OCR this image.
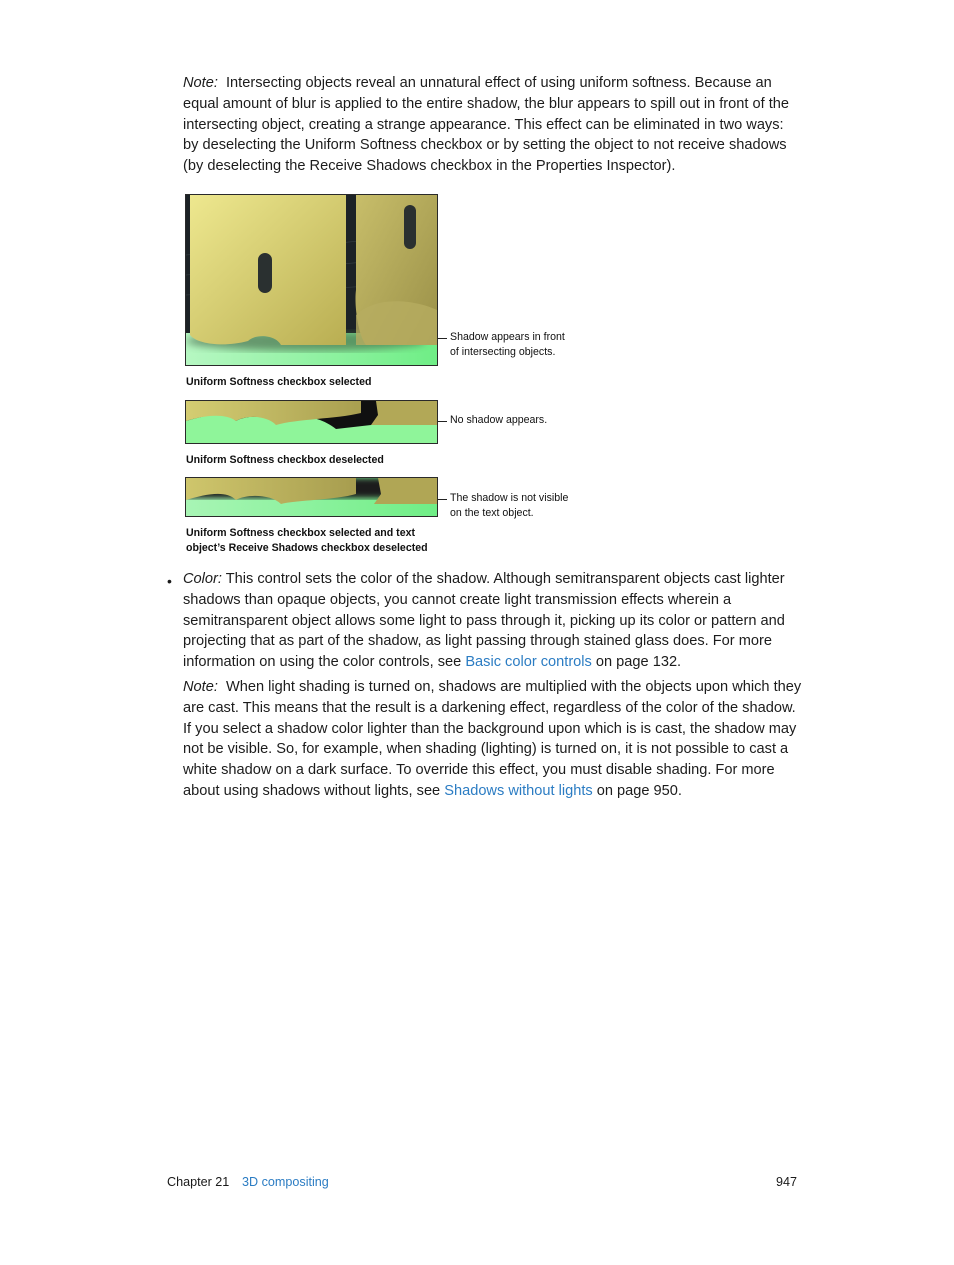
Note: Intersecting objects reveal an unnatural effect of using uniform softness. Because an equal amount of blur is applied to the entire shadow, the blur appears to spill out in front of the intersecting object, creating a strange appearance. This effect can be eliminated in two ways: by deselecting the Uniform Softness checkbox or by setting the object to not receive shadows (by deselecting the Receive Shadows checkbox in the Properties Inspector).

Shadow appears in front
of intersecting objects.

Uniform Softness checkbox selected

No shadow appears.

Uniform Softness checkbox deselected

The shadow is not visible
on the text object.

Uniform Softness checkbox selected and text
object’s Receive Shadows checkbox deselected

• Color: This control sets the color of the shadow. Although semitransparent objects cast lighter shadows than opaque objects, you cannot create light transmission effects wherein a semitransparent object allows some light to pass through it, picking up its color or pattern and projecting that as part of the shadow, as light passing through stained glass does. For more information on using the color controls, see Basic color controls on page 132.

Note: When light shading is turned on, shadows are multiplied with the objects upon which they are cast. This means that the result is a darkening effect, regardless of the color of the shadow. If you select a shadow color lighter than the background upon which is is cast, the shadow may not be visible. So, for example, when shading (lighting) is turned on, it is not possible to cast a white shadow on a dark surface. To override this effect, you must disable shading. For more about using shadows without lights, see Shadows without lights on page 950.

Chapter 21 3D compositing	947
